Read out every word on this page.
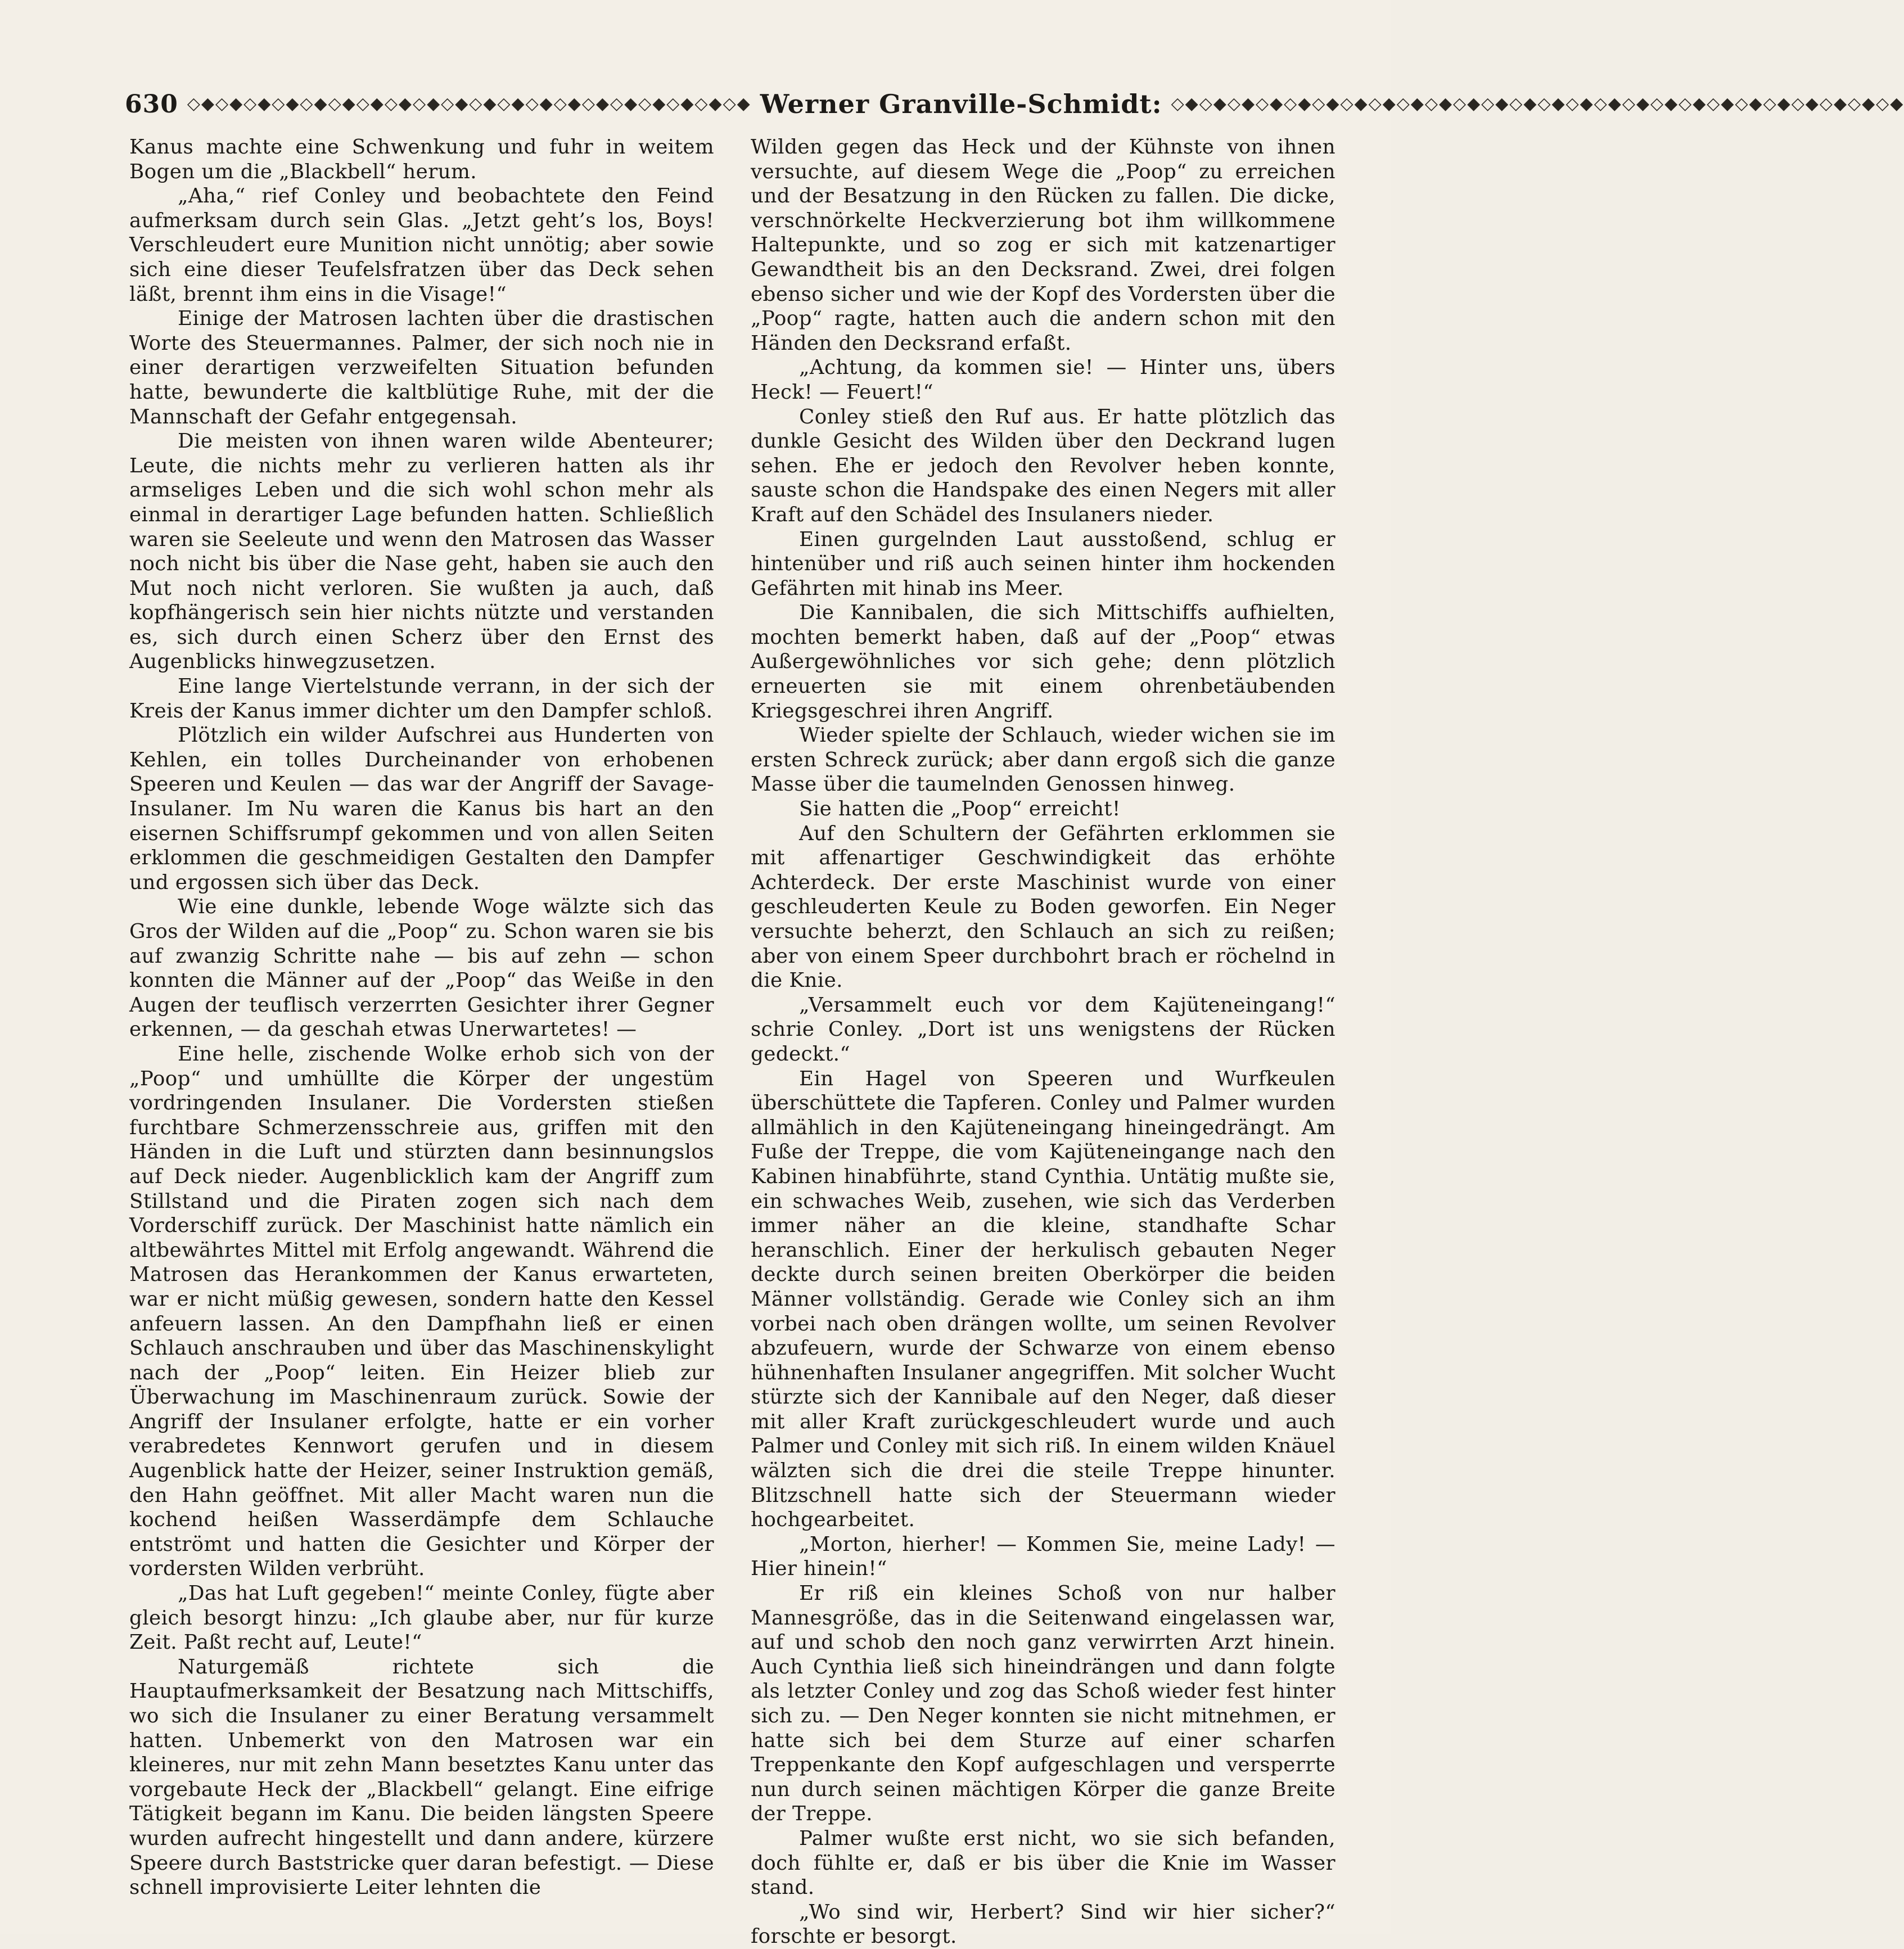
630 ◇◆◇◆◇◆◇◆◇◆◇◆◇◆◇◆◇◆◇◆◇◆◇◆◇◆◇◆◇◆◇◆◇◆◇◆◇◆◇◆ Werner Granville-Schmidt: ◇◆◇◆◇◆◇◆◇◆◇◆◇◆◇◆◇◆◇◆◇◆◇◆◇◆◇◆◇◆◇◆◇◆◇◆◇◆◇◆◇◆◇◆◇◆◇◆◇◆◇◆

Kanus machte eine Schwenkung und fuhr in weitem Bogen um die „Blackbell“ herum.

„Aha,“ rief Conley und beobachtete den Feind aufmerksam durch sein Glas. „Jetzt geht’s los, Boys! Verschleudert eure Munition nicht unnötig; aber sowie sich eine dieser Teufelsfratzen über das Deck sehen läßt, brennt ihm eins in die Visage!“

Einige der Matrosen lachten über die drastischen Worte des Steuermannes. Palmer, der sich noch nie in einer derartigen verzweifelten Situation befunden hatte, bewunderte die kaltblütige Ruhe, mit der die Mannschaft der Gefahr entgegensah.

Die meisten von ihnen waren wilde Abenteurer; Leute, die nichts mehr zu verlieren hatten als ihr armseliges Leben und die sich wohl schon mehr als einmal in derartiger Lage befunden hatten. Schließlich waren sie Seeleute und wenn den Matrosen das Wasser noch nicht bis über die Nase geht, haben sie auch den Mut noch nicht verloren. Sie wußten ja auch, daß kopfhängerisch sein hier nichts nützte und verstanden es, sich durch einen Scherz über den Ernst des Augenblicks hinwegzusetzen.

Eine lange Viertelstunde verrann, in der sich der Kreis der Kanus immer dichter um den Dampfer schloß.

Plötzlich ein wilder Aufschrei aus Hunderten von Kehlen, ein tolles Durcheinander von erhobenen Speeren und Keulen — das war der Angriff der Savage-Insulaner. Im Nu waren die Kanus bis hart an den eisernen Schiffsrumpf gekommen und von allen Seiten erklommen die geschmeidigen Gestalten den Dampfer und ergossen sich über das Deck.

Wie eine dunkle, lebende Woge wälzte sich das Gros der Wilden auf die „Poop“ zu. Schon waren sie bis auf zwanzig Schritte nahe — bis auf zehn — schon konnten die Männer auf der „Poop“ das Weiße in den Augen der teuflisch verzerrten Gesichter ihrer Gegner erkennen, — da geschah etwas Unerwartetes! —

Eine helle, zischende Wolke erhob sich von der „Poop“ und umhüllte die Körper der ungestüm vordringenden Insulaner. Die Vordersten stießen furchtbare Schmerzensschreie aus, griffen mit den Händen in die Luft und stürzten dann besinnungslos auf Deck nieder. Augenblicklich kam der Angriff zum Stillstand und die Piraten zogen sich nach dem Vorderschiff zurück. Der Maschinist hatte nämlich ein altbewährtes Mittel mit Erfolg angewandt. Während die Matrosen das Herankommen der Kanus erwarteten, war er nicht müßig gewesen, sondern hatte den Kessel anfeuern lassen. An den Dampfhahn ließ er einen Schlauch anschrauben und über das Maschinenskylight nach der „Poop“ leiten. Ein Heizer blieb zur Überwachung im Maschinenraum zurück. Sowie der Angriff der Insulaner erfolgte, hatte er ein vorher verabredetes Kennwort gerufen und in diesem Augenblick hatte der Heizer, seiner Instruktion gemäß, den Hahn geöffnet. Mit aller Macht waren nun die kochend heißen Wasserdämpfe dem Schlauche entströmt und hatten die Gesichter und Körper der vordersten Wilden verbrüht.

„Das hat Luft gegeben!“ meinte Conley, fügte aber gleich besorgt hinzu: „Ich glaube aber, nur für kurze Zeit. Paßt recht auf, Leute!“

Naturgemäß richtete sich die Hauptaufmerksamkeit der Besatzung nach Mittschiffs, wo sich die Insulaner zu einer Beratung versammelt hatten. Unbemerkt von den Matrosen war ein kleineres, nur mit zehn Mann besetztes Kanu unter das vorgebaute Heck der „Blackbell“ gelangt. Eine eifrige Tätigkeit begann im Kanu. Die beiden längsten Speere wurden aufrecht hingestellt und dann andere, kürzere Speere durch Baststricke quer daran befestigt. — Diese schnell improvisierte Leiter lehnten die

Wilden gegen das Heck und der Kühnste von ihnen versuchte, auf diesem Wege die „Poop“ zu erreichen und der Besatzung in den Rücken zu fallen. Die dicke, verschnörkelte Heckverzierung bot ihm willkommene Haltepunkte, und so zog er sich mit katzenartiger Gewandtheit bis an den Decksrand. Zwei, drei folgen ebenso sicher und wie der Kopf des Vordersten über die „Poop“ ragte, hatten auch die andern schon mit den Händen den Decksrand erfaßt.

„Achtung, da kommen sie! — Hinter uns, übers Heck! — Feuert!“

Conley stieß den Ruf aus. Er hatte plötzlich das dunkle Gesicht des Wilden über den Deckrand lugen sehen. Ehe er jedoch den Revolver heben konnte, sauste schon die Handspake des einen Negers mit aller Kraft auf den Schädel des Insulaners nieder.

Einen gurgelnden Laut ausstoßend, schlug er hintenüber und riß auch seinen hinter ihm hockenden Gefährten mit hinab ins Meer.

Die Kannibalen, die sich Mittschiffs aufhielten, mochten bemerkt haben, daß auf der „Poop“ etwas Außergewöhnliches vor sich gehe; denn plötzlich erneuerten sie mit einem ohrenbetäubenden Kriegsgeschrei ihren Angriff.

Wieder spielte der Schlauch, wieder wichen sie im ersten Schreck zurück; aber dann ergoß sich die ganze Masse über die taumelnden Genossen hinweg.

Sie hatten die „Poop“ erreicht!

Auf den Schultern der Gefährten erklommen sie mit affenartiger Geschwindigkeit das erhöhte Achterdeck. Der erste Maschinist wurde von einer geschleuderten Keule zu Boden geworfen. Ein Neger versuchte beherzt, den Schlauch an sich zu reißen; aber von einem Speer durchbohrt brach er röchelnd in die Knie.

„Versammelt euch vor dem Kajüteneingang!“ schrie Conley. „Dort ist uns wenigstens der Rücken gedeckt.“

Ein Hagel von Speeren und Wurfkeulen überschüttete die Tapferen. Conley und Palmer wurden allmählich in den Kajüteneingang hineingedrängt. Am Fuße der Treppe, die vom Kajüteneingange nach den Kabinen hinabführte, stand Cynthia. Untätig mußte sie, ein schwaches Weib, zusehen, wie sich das Verderben immer näher an die kleine, standhafte Schar heranschlich. Einer der herkulisch gebauten Neger deckte durch seinen breiten Oberkörper die beiden Männer vollständig. Gerade wie Conley sich an ihm vorbei nach oben drängen wollte, um seinen Revolver abzufeuern, wurde der Schwarze von einem ebenso hühnenhaften Insulaner angegriffen. Mit solcher Wucht stürzte sich der Kannibale auf den Neger, daß dieser mit aller Kraft zurückgeschleudert wurde und auch Palmer und Conley mit sich riß. In einem wilden Knäuel wälzten sich die drei die steile Treppe hinunter. Blitzschnell hatte sich der Steuermann wieder hochgearbeitet.

„Morton, hierher! — Kommen Sie, meine Lady! — Hier hinein!“

Er riß ein kleines Schoß von nur halber Mannesgröße, das in die Seitenwand eingelassen war, auf und schob den noch ganz verwirrten Arzt hinein. Auch Cynthia ließ sich hineindrängen und dann folgte als letzter Conley und zog das Schoß wieder fest hinter sich zu. — Den Neger konnten sie nicht mitnehmen, er hatte sich bei dem Sturze auf einer scharfen Treppenkante den Kopf aufgeschlagen und versperrte nun durch seinen mächtigen Körper die ganze Breite der Treppe.

Palmer wußte erst nicht, wo sie sich befanden, doch fühlte er, daß er bis über die Knie im Wasser stand.

„Wo sind wir, Herbert? Sind wir hier sicher?“ forschte er besorgt.
